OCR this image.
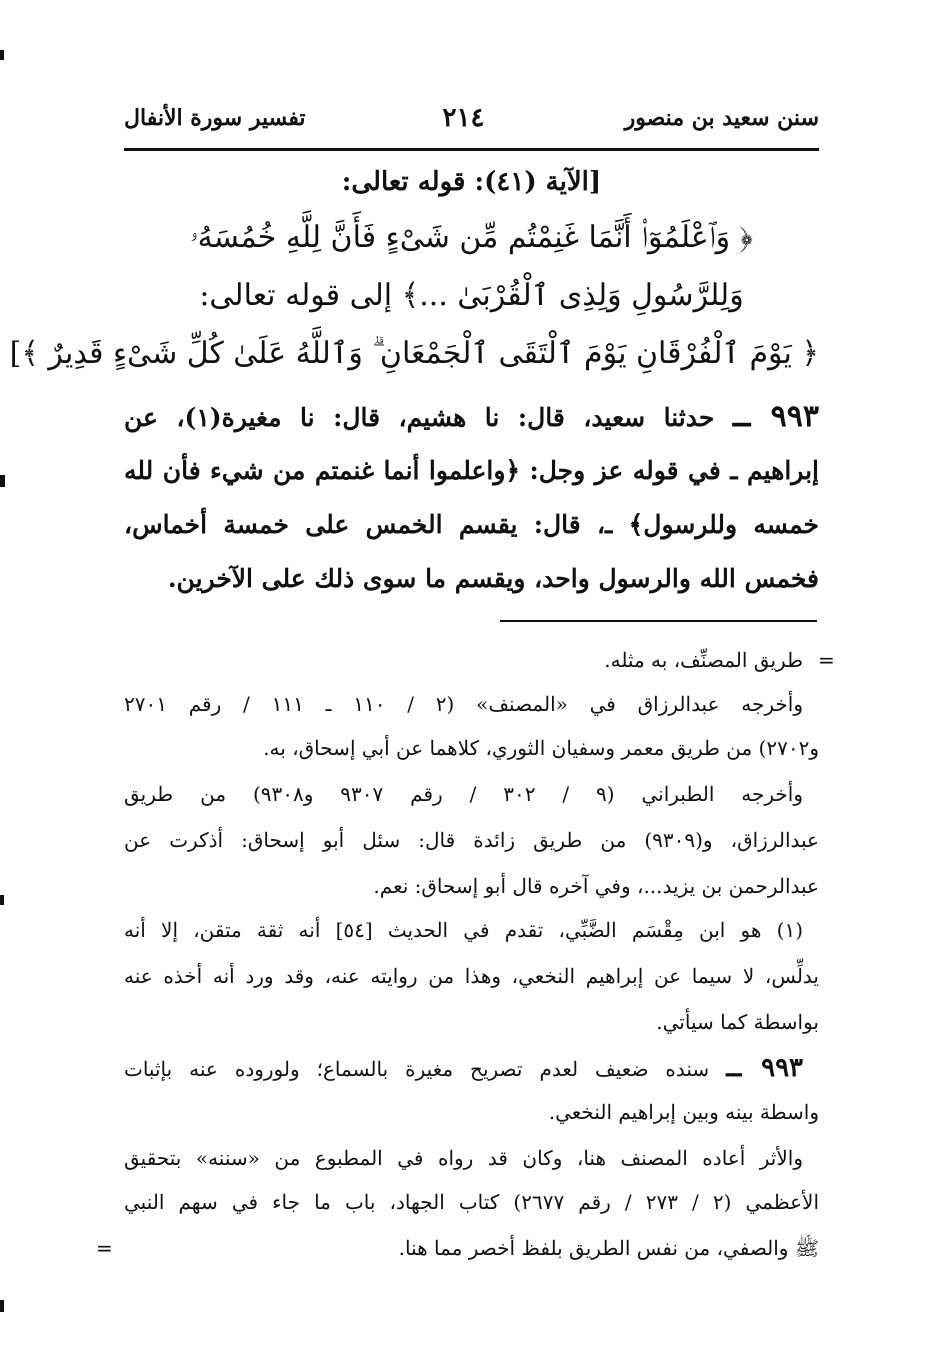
سنن سعيد بن منصور
٢١٤
تفسير سورة الأنفال
[الآية (٤١): قوله تعالى:
﴿ وَٱعْلَمُوٓا۟ أَنَّمَا غَنِمْتُم مِّن شَىْءٍ فَأَنَّ لِلَّهِ خُمُسَهُۥ
وَلِلرَّسُولِ وَلِذِى ٱلْقُرْبَىٰ ...﴾ إلى قوله تعالى:
﴿ يَوْمَ ٱلْفُرْقَانِ يَوْمَ ٱلْتَقَى ٱلْجَمْعَانِ ۗ وَٱللَّهُ عَلَىٰ كُلِّ شَىْءٍ قَدِيرٌ ﴾]
٩٩٣ ــ حدثنا سعيد، قال: نا هشيم، قال: نا مغيرة(١)، عن
إبراهيم ـ في قوله عز وجل: ﴿واعلموا أنما غنمتم من شيء فأن لله
خمسه وللرسول﴾ ـ، قال: يقسم الخمس على خمسة أخماس،
فخمس الله والرسول واحد، ويقسم ما سوى ذلك على الآخرين.
=
طريق المصنِّف، به مثله.
وأخرجه عبدالرزاق في «المصنف» (٢ / ١١٠ ـ ١١١ / رقم ٢٧٠١
و٢٧٠٢) من طريق معمر وسفيان الثوري، كلاهما عن أبي إسحاق، به.
وأخرجه الطبراني (٩ / ٣٠٢ / رقم ٩٣٠٧ و٩٣٠٨) من طريق
عبدالرزاق، و(٩٣٠٩) من طريق زائدة قال: سئل أبو إسحاق: أذكرت عن
عبدالرحمن بن يزيد...، وفي آخره قال أبو إسحاق: نعم.
(١) هو ابن مِقْسَم الضَّبِّي، تقدم في الحديث [٥٤] أنه ثقة متقن، إلا أنه
يدلِّس، لا سيما عن إبراهيم النخعي، وهذا من روايته عنه، وقد ورد أنه أخذه عنه
بواسطة كما سيأتي.
٩٩٣ ــ سنده ضعيف لعدم تصريح مغيرة بالسماع؛ ولوروده عنه بإثبات
واسطة بينه وبين إبراهيم النخعي.
والأثر أعاده المصنف هنا، وكان قد رواه في المطبوع من «سننه» بتحقيق
الأعظمي (٢ / ٢٧٣ / رقم ٢٦٧٧) كتاب الجهاد، باب ما جاء في سهم النبي
ﷺ والصفي، من نفس الطريق بلفظ أخصر مما هنا.
=
